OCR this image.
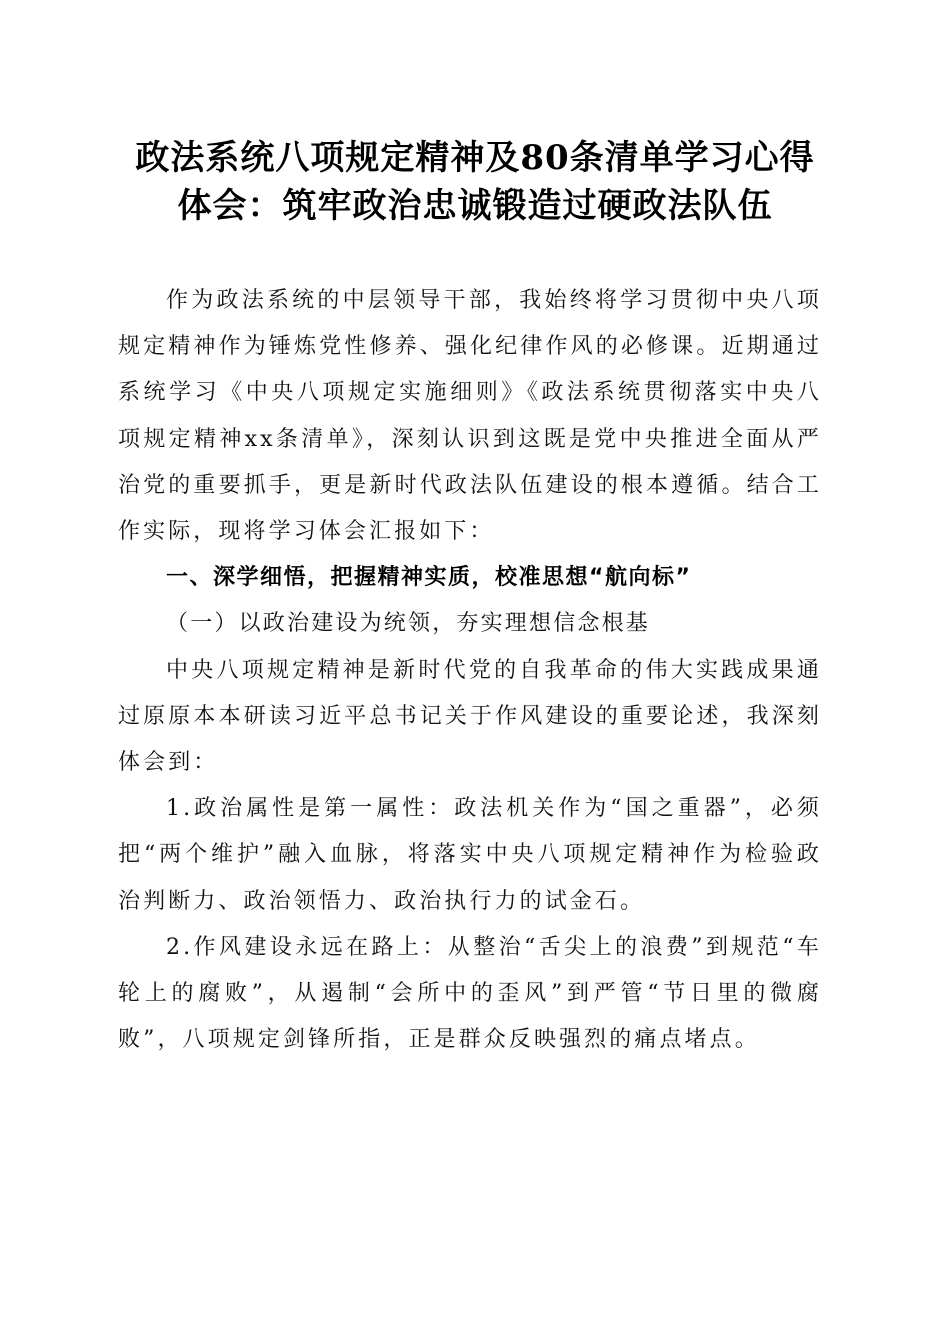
政法系统八项规定精神及80条清单学习心得
体会：筑牢政治忠诚锻造过硬政法队伍

作为政法系统的中层领导干部，我始终将学习贯彻中央八项规定精神作为锤炼党性修养、强化纪律作风的必修课。近期通过系统学习《中央八项规定实施细则》《政法系统贯彻落实中央八项规定精神xx条清单》，深刻认识到这既是党中央推进全面从严治党的重要抓手，更是新时代政法队伍建设的根本遵循。结合工作实际，现将学习体会汇报如下：

一、深学细悟，把握精神实质，校准思想“航向标”

（一）以政治建设为统领，夯实理想信念根基

中央八项规定精神是新时代党的自我革命的伟大实践成果通过原原本本研读习近平总书记关于作风建设的重要论述，我深刻体会到：

1.政治属性是第一属性：政法机关作为“国之重器”，必须把“两个维护”融入血脉，将落实中央八项规定精神作为检验政治判断力、政治领悟力、政治执行力的试金石。

2.作风建设永远在路上：从整治“舌尖上的浪费”到规范“车轮上的腐败”，从遏制“会所中的歪风”到严管“节日里的微腐败”，八项规定剑锋所指，正是群众反映强烈的痛点堵点。
